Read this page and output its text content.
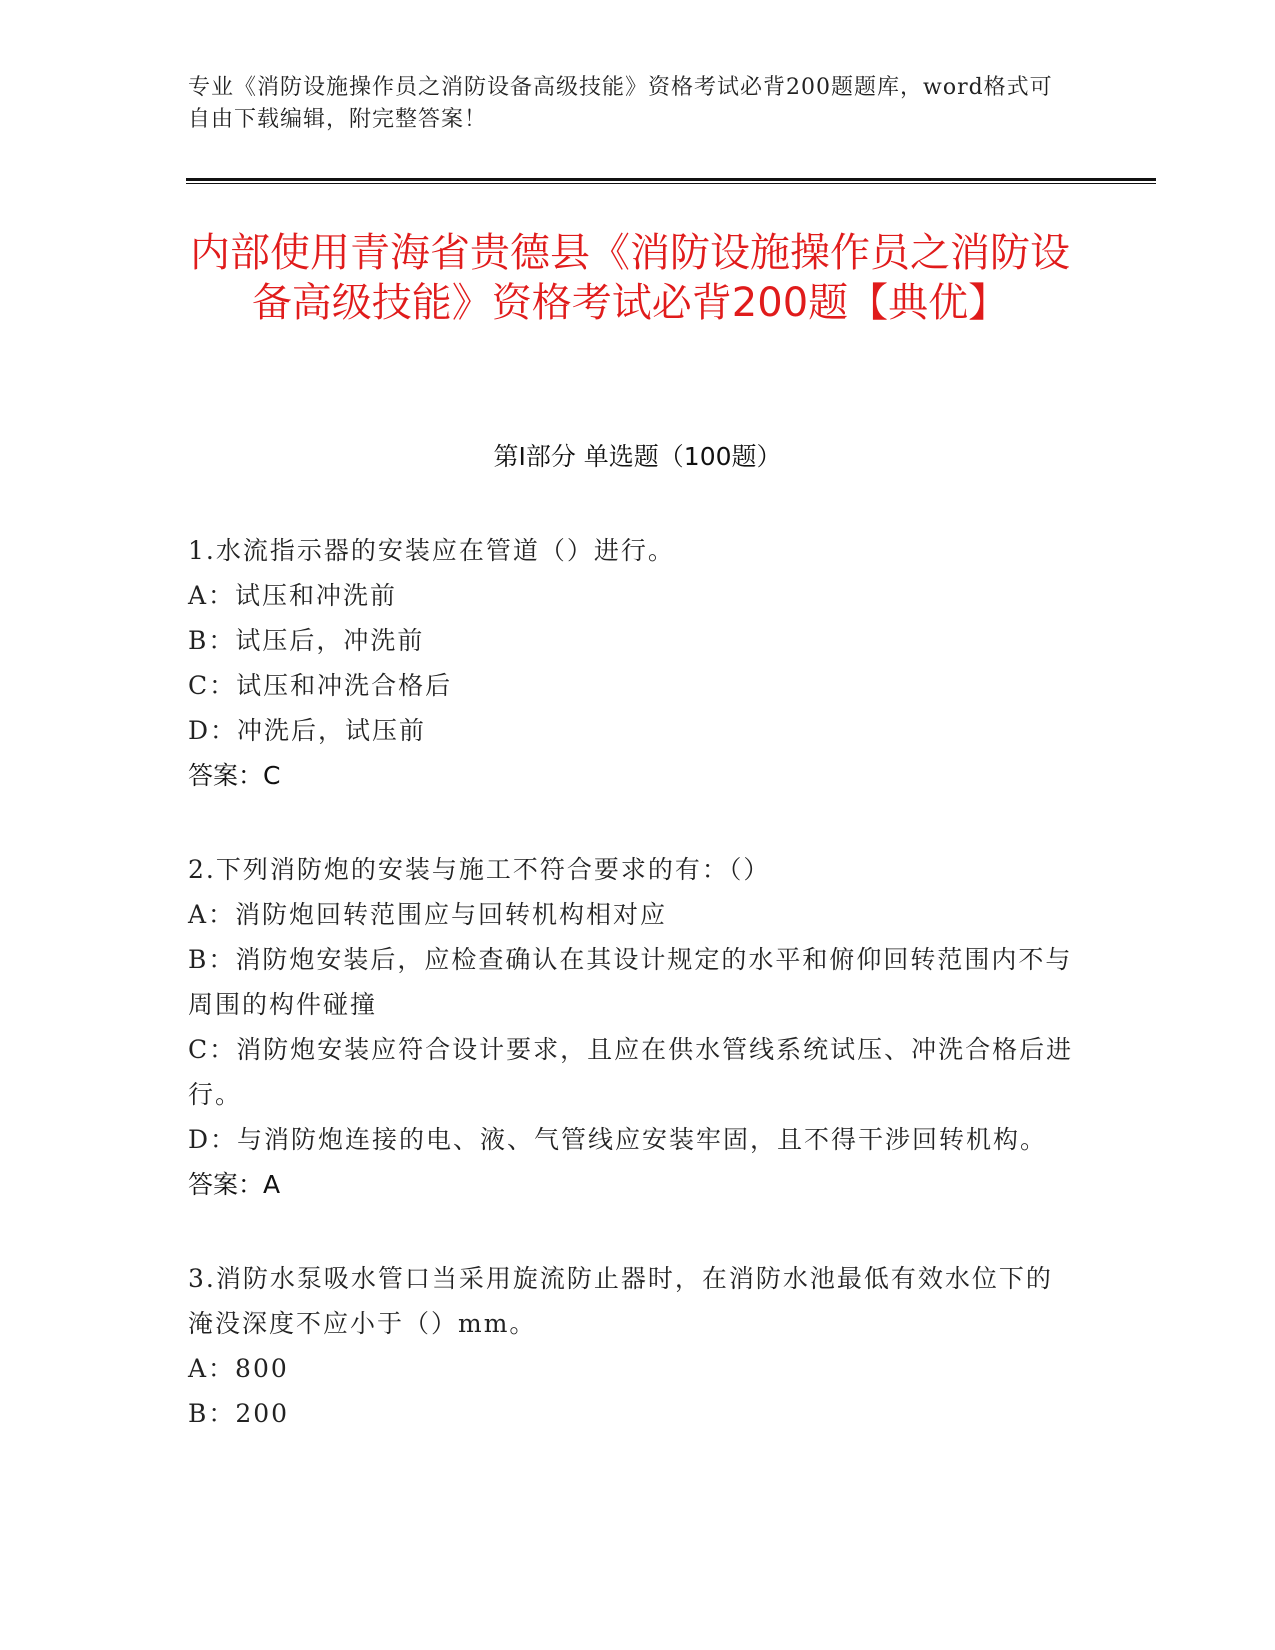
专业《消防设施操作员之消防设备高级技能》资格考试必背200题题库，word格式可自由下载编辑，附完整答案！
内部使用青海省贵德县《消防设施操作员之消防设备高级技能》资格考试必背200题【典优】
第I部分 单选题（100题）
1.水流指示器的安装应在管道（）进行。
A：试压和冲洗前
B：试压后，冲洗前
C：试压和冲洗合格后
D：冲洗后，试压前
答案：C
2.下列消防炮的安装与施工不符合要求的有：（）
A：消防炮回转范围应与回转机构相对应
B：消防炮安装后，应检查确认在其设计规定的水平和俯仰回转范围内不与周围的构件碰撞
C：消防炮安装应符合设计要求，且应在供水管线系统试压、冲洗合格后进行。
D：与消防炮连接的电、液、气管线应安装牢固，且不得干涉回转机构。
答案：A
3.消防水泵吸水管口当采用旋流防止器时，在消防水池最低有效水位下的淹没深度不应小于（）mm。
A：800
B：200
